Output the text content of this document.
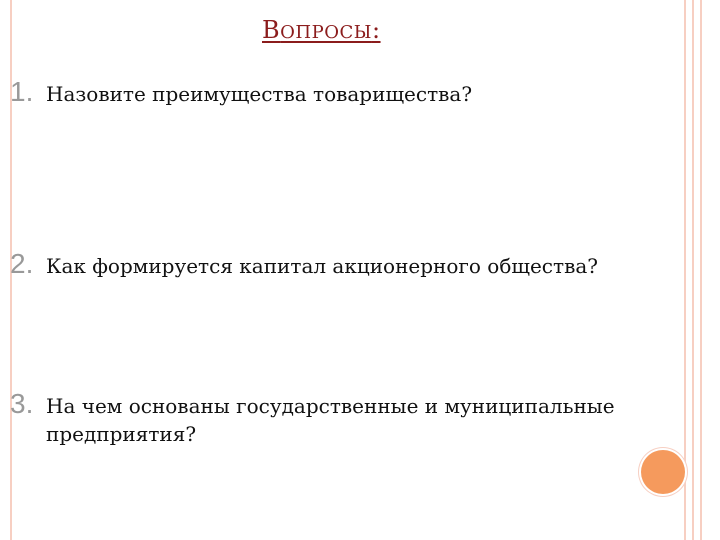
ВОПРОСЫ:
1. Назовите преимущества товарищества?
2. Как формируется капитал акционерного общества?
3. На чем основаны государственные и муниципальные предприятия?
